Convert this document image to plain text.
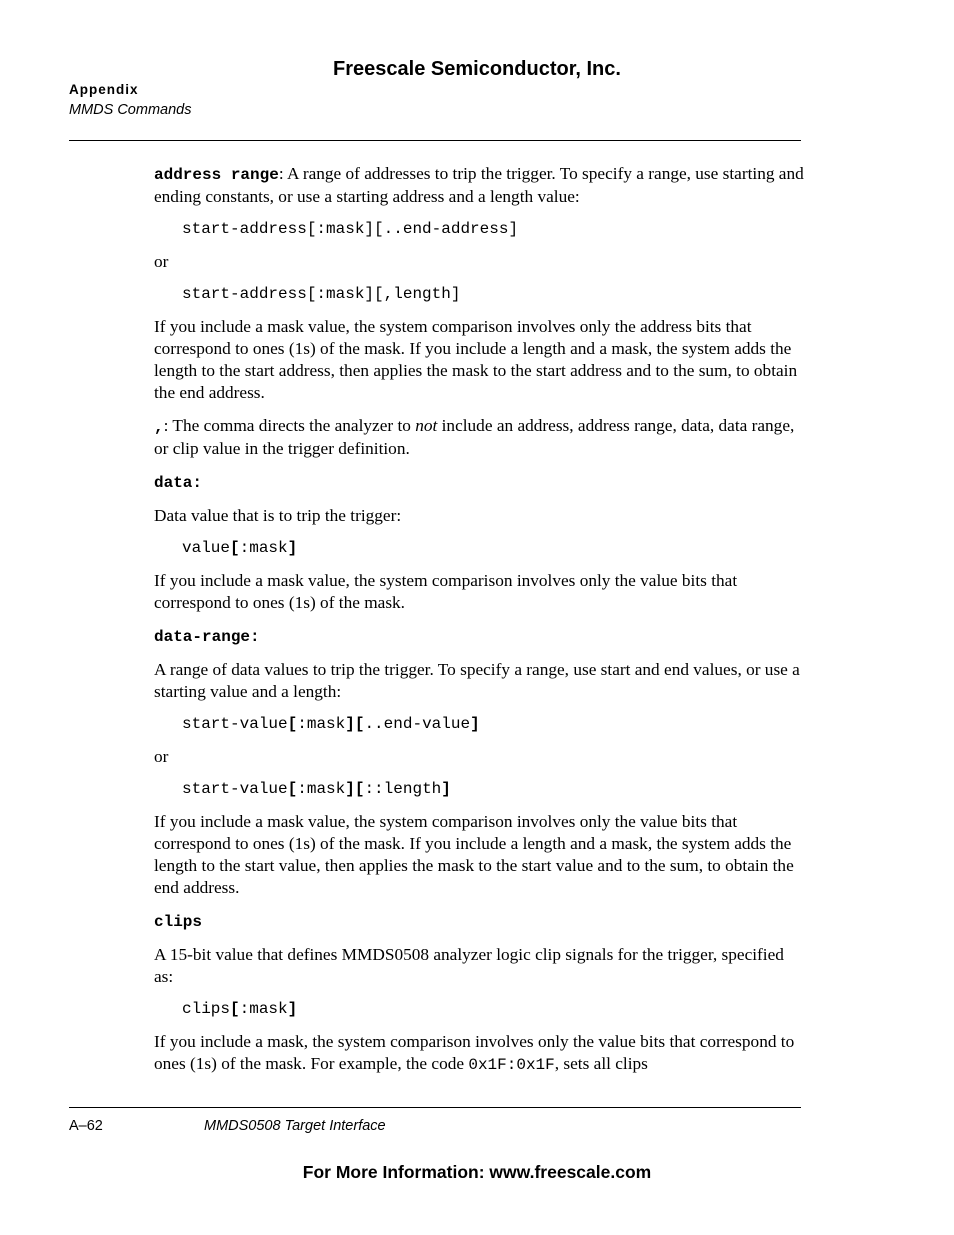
Freescale Semiconductor, Inc.
Appendix
MMDS Commands

address range: A range of addresses to trip the trigger. To specify a range, use starting and ending constants, or use a starting address and a length value:

start-address[:mask][..end-address]

or

start-address[:mask][,length]

If you include a mask value, the system comparison involves only the address bits that correspond to ones (1s) of the mask. If you include a length and a mask, the system adds the length to the start address, then applies the mask to the start address and to the sum, to obtain the end address.

,: The comma directs the analyzer to not include an address, address range, data, data range, or clip value in the trigger definition.

data:

Data value that is to trip the trigger:

value[:mask]

If you include a mask value, the system comparison involves only the value bits that correspond to ones (1s) of the mask.

data-range:

A range of data values to trip the trigger. To specify a range, use start and end values, or use a starting value and a length:

start-value[:mask][..end-value]

or

start-value[:mask][::length]

If you include a mask value, the system comparison involves only the value bits that correspond to ones (1s) of the mask. If you include a length and a mask, the system adds the length to the start value, then applies the mask to the start value and to the sum, to obtain the end address.

clips

A 15-bit value that defines MMDS0508 analyzer logic clip signals for the trigger, specified as:

clips[:mask]

If you include a mask, the system comparison involves only the value bits that correspond to ones (1s) of the mask. For example, the code 0x1F:0x1F, sets all clips

A–62	MMDS0508 Target Interface
For More Information: www.freescale.com
